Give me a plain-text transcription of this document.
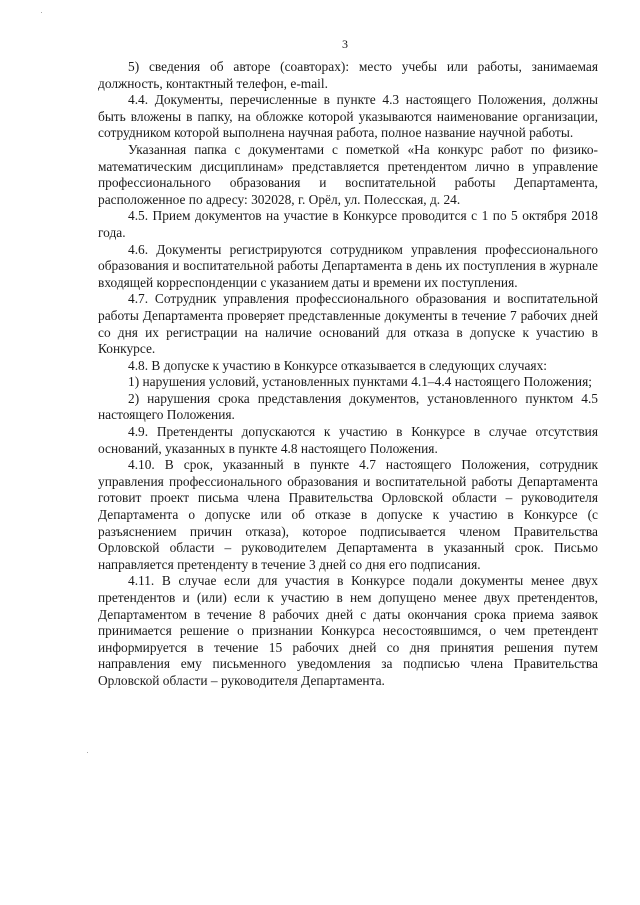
·
3

5) сведения об авторе (соавторах): место учебы или работы, занимаемая должность, контактный телефон, e-mail.

4.4. Документы, перечисленные в пункте 4.3 настоящего Положения, должны быть вложены в папку, на обложке которой указываются наименование организации, сотрудником которой выполнена научная работа, полное название научной работы.

Указанная папка с документами с пометкой «На конкурс работ по физико-математическим дисциплинам» представляется претендентом лично в управление профессионального образования и воспитательной работы Департамента, расположенное по адресу: 302028, г. Орёл, ул. Полесская, д. 24.

4.5. Прием документов на участие в Конкурсе проводится с 1 по 5 октября 2018 года.

4.6. Документы регистрируются сотрудником управления профессионального образования и воспитательной работы Департамента в день их поступления в журнале входящей корреспонденции с указанием даты и времени их поступления.

4.7. Сотрудник управления профессионального образования и воспитательной работы Департамента проверяет представленные документы в течение 7 рабочих дней со дня их регистрации на наличие оснований для отказа в допуске к участию в Конкурсе.

4.8. В допуске к участию в Конкурсе отказывается в следующих случаях:

1) нарушения условий, установленных пунктами 4.1–4.4 настоящего Положения;

2) нарушения срока представления документов, установленного пунктом 4.5 настоящего Положения.

4.9. Претенденты допускаются к участию в Конкурсе в случае отсутствия оснований, указанных в пункте 4.8 настоящего Положения.

4.10. В срок, указанный в пункте 4.7 настоящего Положения, сотрудник управления профессионального образования и воспитательной работы Департамента готовит проект письма члена Правительства Орловской области – руководителя Департамента о допуске или об отказе в допуске к участию в Конкурсе (с разъяснением причин отказа), которое подписывается членом Правительства Орловской области – руководителем Департамента в указанный срок. Письмо направляется претенденту в течение 3 дней со дня его подписания.

4.11. В случае если для участия в Конкурсе подали документы менее двух претендентов и (или) если к участию в нем допущено менее двух претендентов, Департаментом в течение 8 рабочих дней с даты окончания срока приема заявок принимается решение о признании Конкурса несостоявшимся, о чем претендент информируется в течение 15 рабочих дней со дня принятия решения путем направления ему письменного уведомления за подписью члена Правительства Орловской области – руководителя Департамента.

·
